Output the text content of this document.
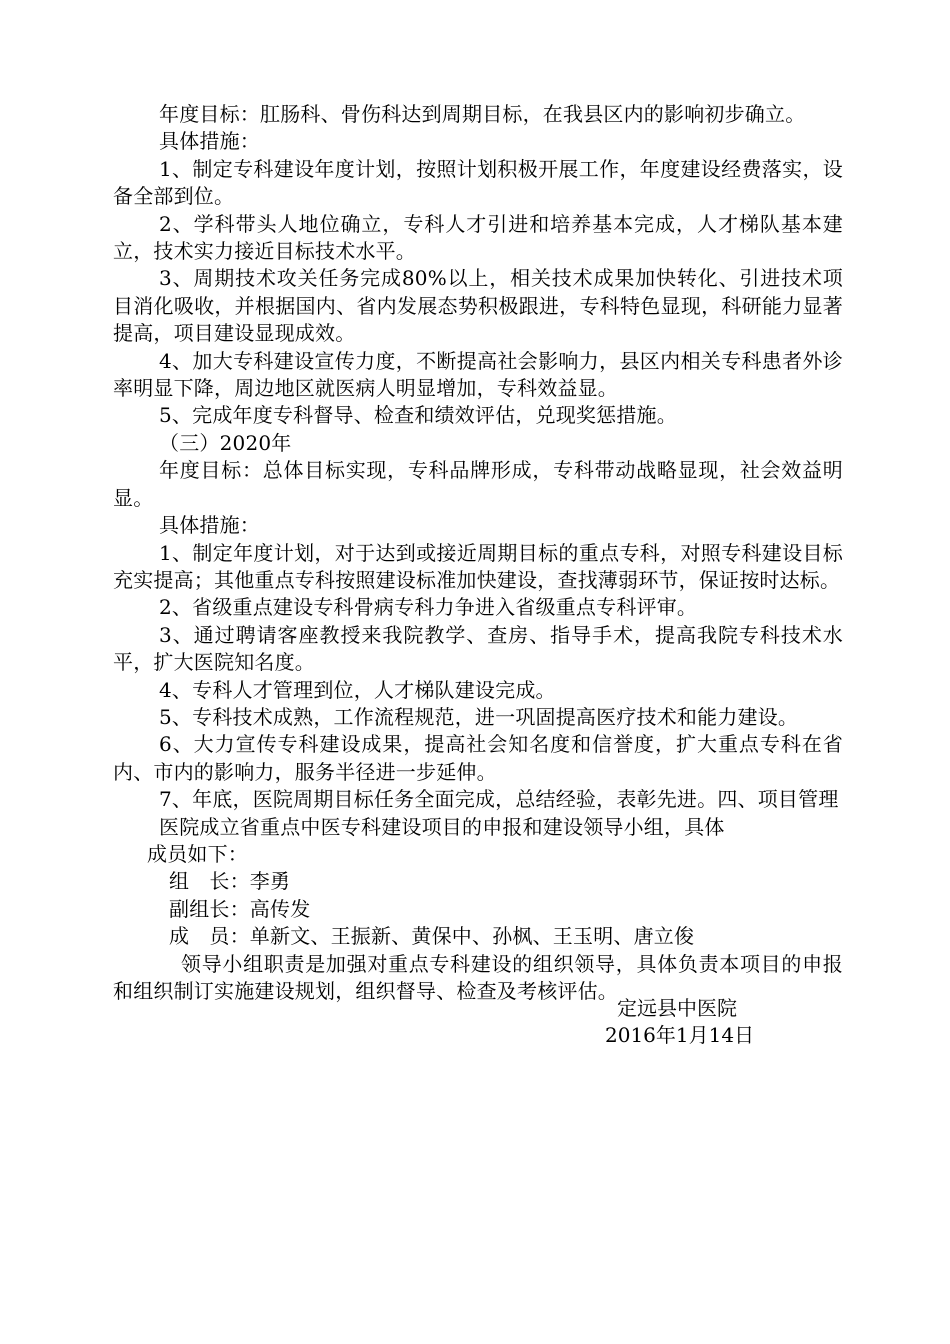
年度目标：肛肠科、骨伤科达到周期目标，在我县区内的影响初步确立。

具体措施：

1、制定专科建设年度计划，按照计划积极开展工作，年度建设经费落实，设备全部到位。

2、学科带头人地位确立，专科人才引进和培养基本完成，人才梯队基本建立，技术实力接近目标技术水平。

3、周期技术攻关任务完成80%以上，相关技术成果加快转化、引进技术项目消化吸收，并根据国内、省内发展态势积极跟进，专科特色显现，科研能力显著提高，项目建设显现成效。

4、加大专科建设宣传力度，不断提高社会影响力，县区内相关专科患者外诊率明显下降，周边地区就医病人明显增加，专科效益显。

5、完成年度专科督导、检查和绩效评估，兑现奖惩措施。

（三）2020年

年度目标：总体目标实现，专科品牌形成，专科带动战略显现，社会效益明显。

具体措施：

1、制定年度计划，对于达到或接近周期目标的重点专科，对照专科建设目标充实提高；其他重点专科按照建设标准加快建设，查找薄弱环节，保证按时达标。

2、省级重点建设专科骨病专科力争进入省级重点专科评审。

3、通过聘请客座教授来我院教学、查房、指导手术，提高我院专科技术水平，扩大医院知名度。

4、专科人才管理到位，人才梯队建设完成。

5、专科技术成熟，工作流程规范，进一巩固提高医疗技术和能力建设。

6、大力宣传专科建设成果，提高社会知名度和信誉度，扩大重点专科在省内、市内的影响力，服务半径进一步延伸。

7、年底，医院周期目标任务全面完成，总结经验，表彰先进。四、项目管理

医院成立省重点中医专科建设项目的申报和建设领导小组，具体
成员如下：
组　长：李勇
副组长：高传发
成　员：单新文、王振新、黄保中、孙枫、王玉明、唐立俊

领导小组职责是加强对重点专科建设的组织领导，具体负责本项目的申报和组织制订实施建设规划，组织督导、检查及考核评估。

定远县中医院
2016年1月14日
